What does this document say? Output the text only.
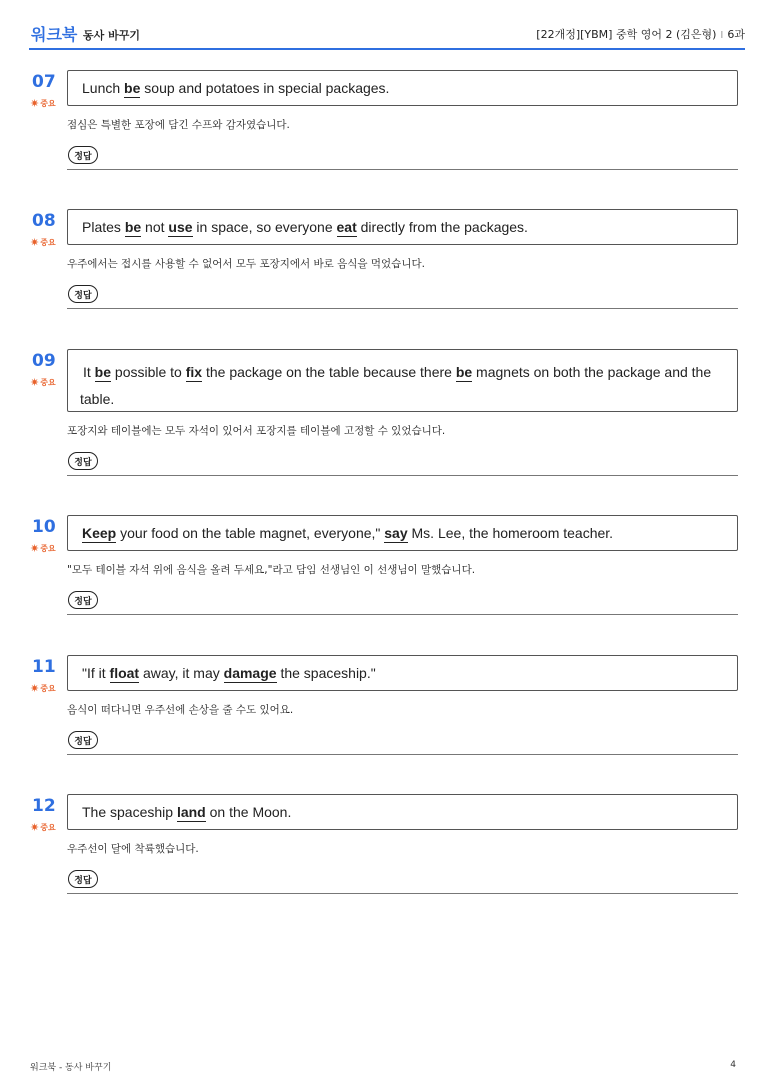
워크북 동사 바꾸기	[22개정][YBM] 중학 영어 2 (김은형) I 6과
07
✷ 중요
Lunch be soup and potatoes in special packages.
점심은 특별한 포장에 담긴 수프와 감자였습니다.
정답
08
✷ 중요
Plates be not use in space, so everyone eat directly from the packages.
우주에서는 접시를 사용할 수 없어서 모두 포장지에서 바로 음식을 먹었습니다.
정답
09
✷ 중요
It be possible to fix the package on the table because there be magnets on both the package and the
table.
포장지와 테이블에는 모두 자석이 있어서 포장지를 테이블에 고정할 수 있었습니다.
정답
10
✷ 중요
Keep your food on the table magnet, everyone," say Ms. Lee, the homeroom teacher.
"모두 테이블 자석 위에 음식을 올려 두세요,"라고 담임 선생님인 이 선생님이 말했습니다.
정답
11
✷ 중요
"If it float away, it may damage the spaceship."
음식이 떠다니면 우주선에 손상을 줄 수도 있어요.
정답
12
✷ 중요
The spaceship land on the Moon.
우주선이 달에 착륙했습니다.
정답
워크북 - 동사 바꾸기	4
